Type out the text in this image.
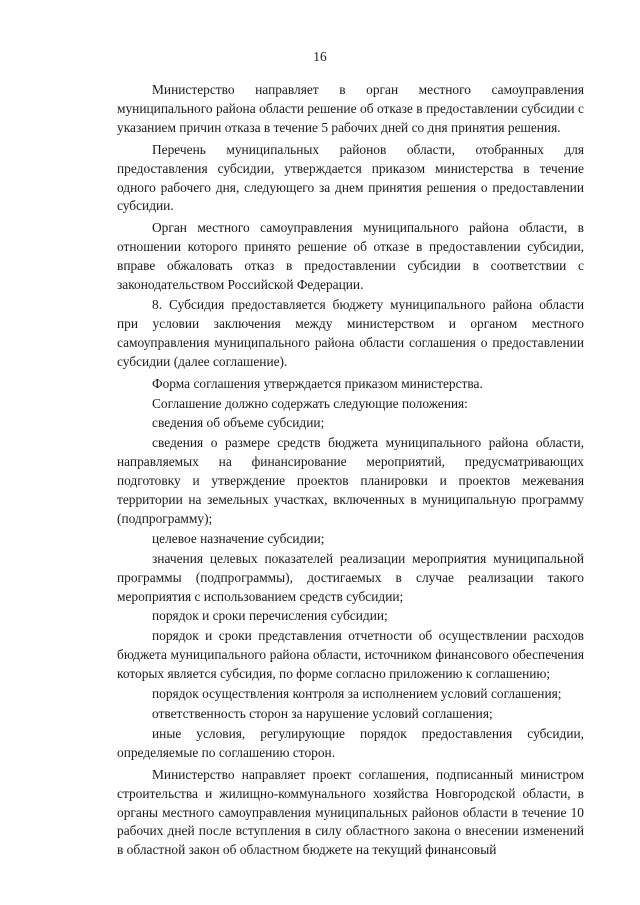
16

Министерство направляет в орган местного самоуправления муниципального района области решение об отказе в предоставлении субсидии с указанием причин отказа в течение 5 рабочих дней со дня принятия решения.

Перечень муниципальных районов области, отобранных для предоставления субсидии, утверждается приказом министерства в течение одного рабочего дня, следующего за днем принятия решения о предоставлении субсидии.

Орган местного самоуправления муниципального района области, в отношении которого принято решение об отказе в предоставлении субсидии, вправе обжаловать отказ в предоставлении субсидии в соответствии с законодательством Российской Федерации.

8. Субсидия предоставляется бюджету муниципального района области при условии заключения между министерством и органом местного самоуправления муниципального района области соглашения о предоставлении субсидии (далее соглашение).

Форма соглашения утверждается приказом министерства.

Соглашение должно содержать следующие положения:

сведения об объеме субсидии;

сведения о размере средств бюджета муниципального района области, направляемых на финансирование мероприятий, предусматривающих подготовку и утверждение проектов планировки и проектов межевания территории на земельных участках, включенных в муниципальную программу (подпрограмму);

целевое назначение субсидии;

значения целевых показателей реализации мероприятия муниципальной программы (подпрограммы), достигаемых в случае реализации такого мероприятия с использованием средств субсидии;

порядок и сроки перечисления субсидии;

порядок и сроки представления отчетности об осуществлении расходов бюджета муниципального района области, источником финансового обеспечения которых является субсидия, по форме согласно приложению к соглашению;

порядок осуществления контроля за исполнением условий соглашения;

ответственность сторон за нарушение условий соглашения;

иные условия, регулирующие порядок предоставления субсидии, определяемые по соглашению сторон.

Министерство направляет проект соглашения, подписанный министром строительства и жилищно-коммунального хозяйства Новгородской области, в органы местного самоуправления муниципальных районов области в течение 10 рабочих дней после вступления в силу областного закона о внесении изменений в областной закон об областном бюджете на текущий финансовый
